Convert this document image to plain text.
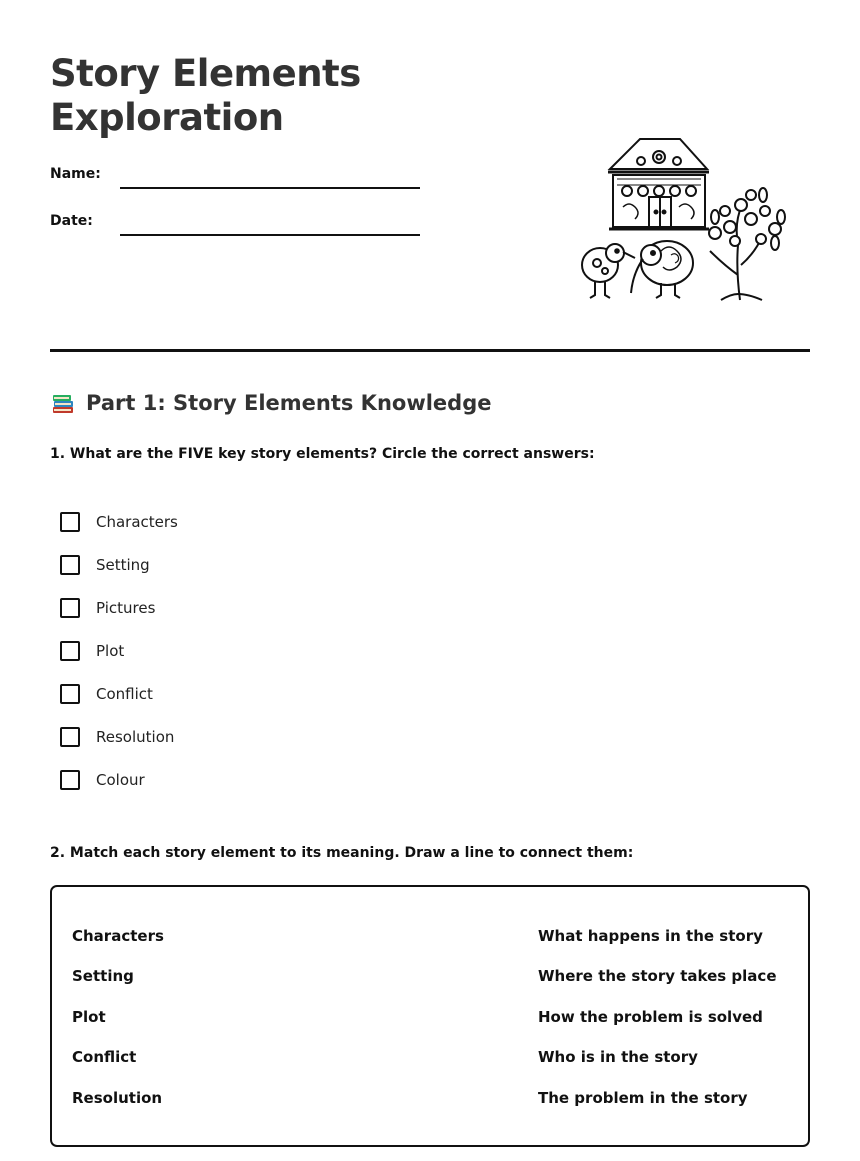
Story Elements
Exploration
Name:
Date:
Part 1: Story Elements Knowledge
1. What are the FIVE key story elements? Circle the correct answers:
Characters
Setting
Pictures
Plot
Conflict
Resolution
Colour
2. Match each story element to its meaning. Draw a line to connect them:
Characters
Setting
Plot
Conflict
Resolution
What happens in the story
Where the story takes place
How the problem is solved
Who is in the story
The problem in the story
